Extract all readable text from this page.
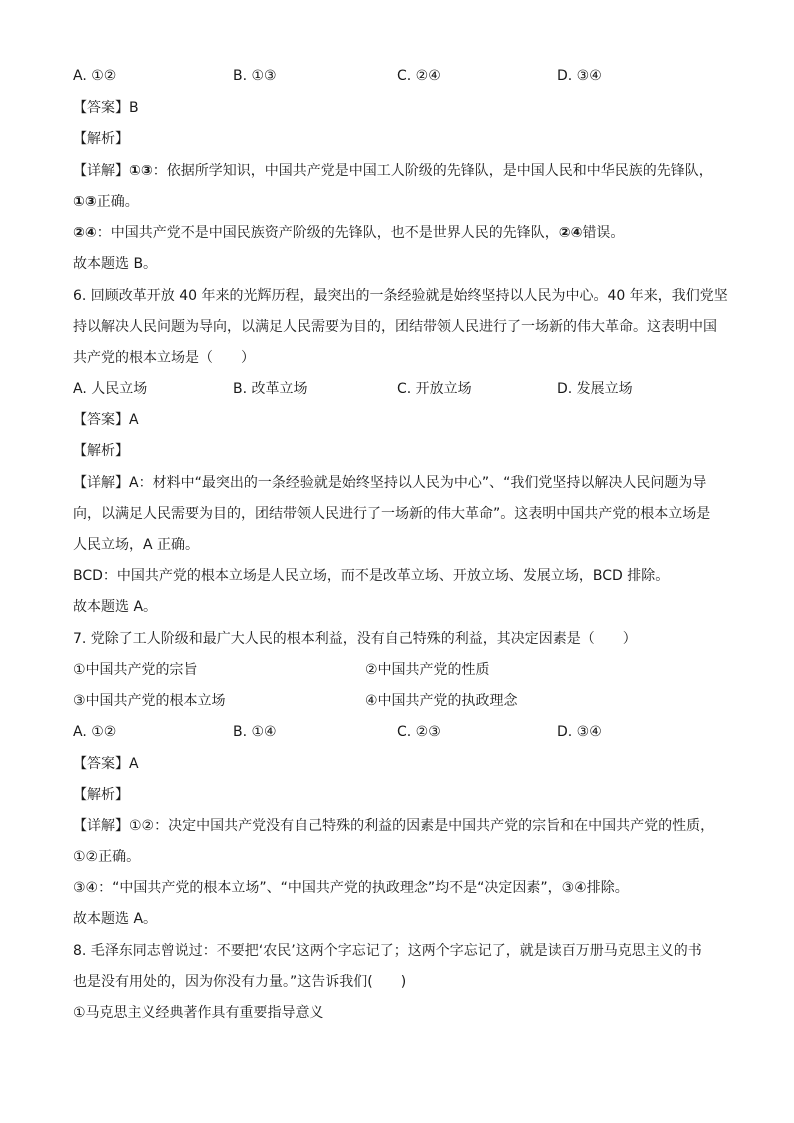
A. ①②	B. ①③	C. ②④	D. ③④
【答案】B
【解析】
【详解】①③：依据所学知识，中国共产党是中国工人阶级的先锋队，是中国人民和中华民族的先锋队，
①③正确。
②④：中国共产党不是中国民族资产阶级的先锋队，也不是世界人民的先锋队，②④错误。
故本题选 B。
6. 回顾改革开放 40 年来的光辉历程，最突出的一条经验就是始终坚持以人民为中心。40 年来，我们党坚
持以解决人民问题为导向，以满足人民需要为目的，团结带领人民进行了一场新的伟大革命。这表明中国
共产党的根本立场是（　　）
A. 人民立场	B. 改革立场	C. 开放立场	D. 发展立场
【答案】A
【解析】
【详解】A：材料中“最突出的一条经验就是始终坚持以人民为中心”、“我们党坚持以解决人民问题为导
向，以满足人民需要为目的，团结带领人民进行了一场新的伟大革命”。这表明中国共产党的根本立场是
人民立场，A 正确。
BCD：中国共产党的根本立场是人民立场，而不是改革立场、开放立场、发展立场，BCD 排除。
故本题选 A。
7. 党除了工人阶级和最广大人民的根本利益，没有自己特殊的利益，其决定因素是（　　）
①中国共产党的宗旨	②中国共产党的性质
③中国共产党的根本立场	④中国共产党的执政理念
A. ①②	B. ①④	C. ②③	D. ③④
【答案】A
【解析】
【详解】①②：决定中国共产党没有自己特殊的利益的因素是中国共产党的宗旨和在中国共产党的性质，
①②正确。
③④：“中国共产党的根本立场”、“中国共产党的执政理念”均不是“决定因素”，③④排除。
故本题选 A。
8. 毛泽东同志曾说过：不要把‘农民’这两个字忘记了；这两个字忘记了，就是读百万册马克思主义的书
也是没有用处的，因为你没有力量。”这告诉我们(　　)
①马克思主义经典著作具有重要指导意义
